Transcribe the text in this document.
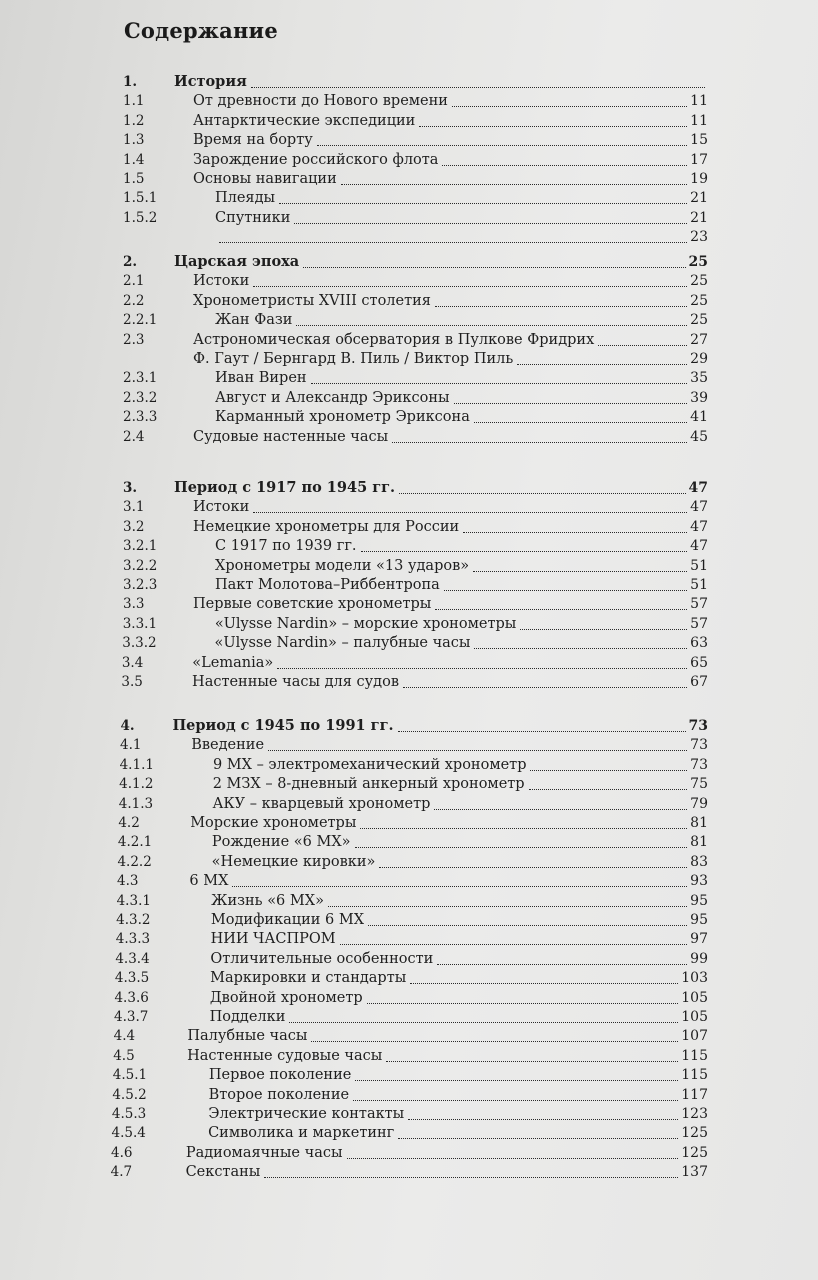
Содержание
1.	История
1.1	От древности до Нового времени	11
1.2	Антарктические экспедиции	11
1.3	Время на борту	15
1.4	Зарождение российского флота	17
1.5	Основы навигации	19
1.5.1	Плеяды	21
1.5.2	Спутники	21
23
2.	Царская эпоха	25
2.1	Истоки	25
2.2	Хронометристы XVIII столетия	25
2.2.1	Жан Фази	25
2.3	Астрономическая обсерватория в Пулкове Фридрих	27
Ф. Гаут / Бернгард В. Пиль / Виктор Пиль	29
2.3.1	Иван Вирен	35
2.3.2	Август и Александр Эриксоны	39
2.3.3	Карманный хронометр Эриксона	41
2.4	Судовые настенные часы	45
3.	Период с 1917 по 1945 гг.	47
3.1	Истоки	47
3.2	Немецкие хронометры для России	47
3.2.1	С 1917 по 1939 гг.	47
3.2.2	Хронометры модели «13 ударов»	51
3.2.3	Пакт Молотова–Риббентропа	51
3.3	Первые советские хронометры	57
3.3.1	«Ulysse Nardin» – морские хронометры	57
3.3.2	«Ulysse Nardin» – палубные часы	63
3.4	«Lemania»	65
3.5	Настенные часы для судов	67
4.	Период с 1945 по 1991 гг.	73
4.1	Введение	73
4.1.1	9 МХ – электромеханический хронометр	73
4.1.2	2 МЗХ – 8-дневный анкерный хронометр	75
4.1.3	АКУ – кварцевый хронометр	79
4.2	Морские хронометры	81
4.2.1	Рождение «6 МХ»	81
4.2.2	«Немецкие кировки»	83
4.3	6 МХ	93
4.3.1	Жизнь «6 МХ»	95
4.3.2	Модификации 6 МХ	95
4.3.3	НИИ ЧАСПРОМ	97
4.3.4	Отличительные особенности	99
4.3.5	Маркировки и стандарты	103
4.3.6	Двойной хронометр	105
4.3.7	Подделки	105
4.4	Палубные часы	107
4.5	Настенные судовые часы	115
4.5.1	Первое поколение	115
4.5.2	Второе поколение	117
4.5.3	Электрические контакты	123
4.5.4	Символика и маркетинг	125
4.6	Радиомаячные часы	125
4.7	Секстаны	137
